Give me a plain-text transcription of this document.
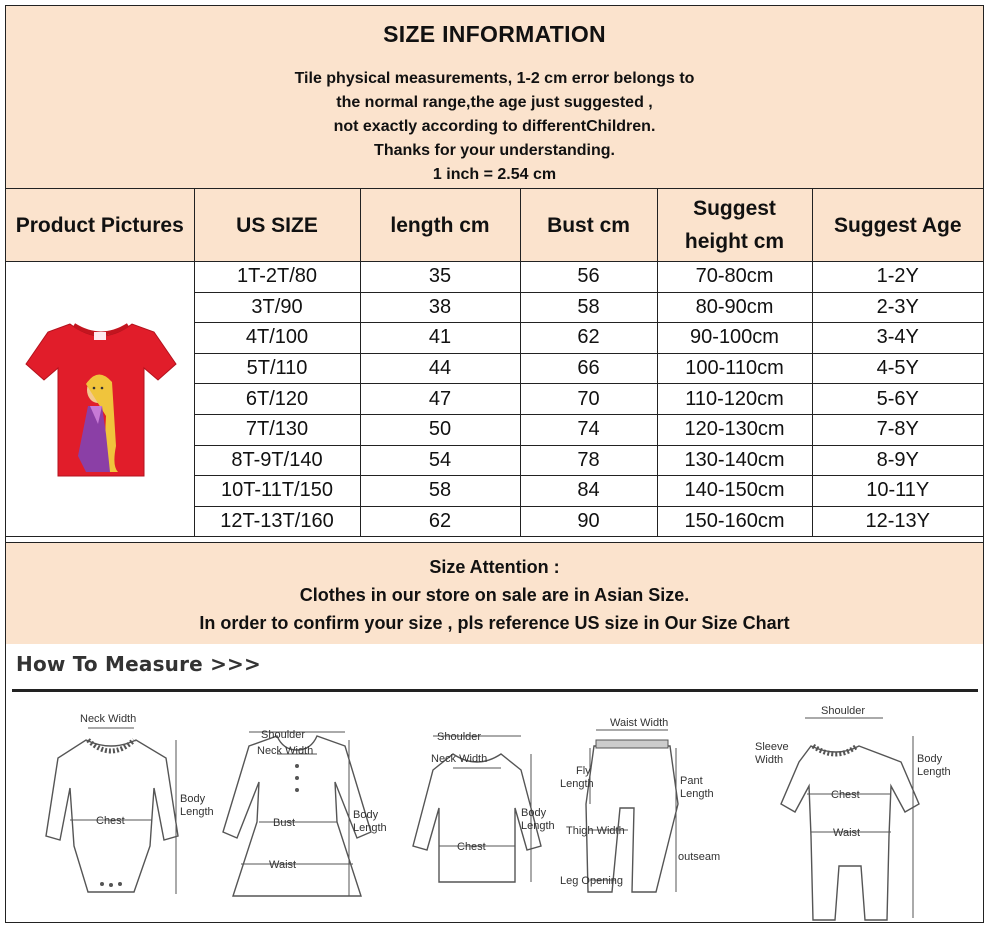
SIZE INFORMATION
Tile physical measurements, 1-2 cm error belongs to
the normal range,the age just suggested ,
not exactly according to differentChildren.
Thanks for your understanding.
1 inch = 2.54 cm
Product Pictures	US SIZE	length cm	Bust cm	Suggest height cm	Suggest Age
	1T-2T/80	35	56	70-80cm	1-2Y
	3T/90	38	58	80-90cm	2-3Y
	4T/100	41	62	90-100cm	3-4Y
	5T/110	44	66	100-110cm	4-5Y
	6T/120	47	70	110-120cm	5-6Y
	7T/130	50	74	120-130cm	7-8Y
	8T-9T/140	54	78	130-140cm	8-9Y
	10T-11T/150	58	84	140-150cm	10-11Y
	12T-13T/160	62	90	150-160cm	12-13Y
Size Attention :
Clothes in our store on sale are in Asian Size.
In order to confirm your size , pls reference US size in Our Size Chart
How To Measure >>>
Neck Width
Chest
Body
Length
Shoulder
Neck Width
Bust
Waist
Body
Length
Shoulder
Neck Width
Chest
Body
Length
Waist Width
Fly
Length	Pant
Length
Thigh Width
outseam
Leg Opening
Shoulder
Sleeve
Width
Chest
Waist
Body
Length
